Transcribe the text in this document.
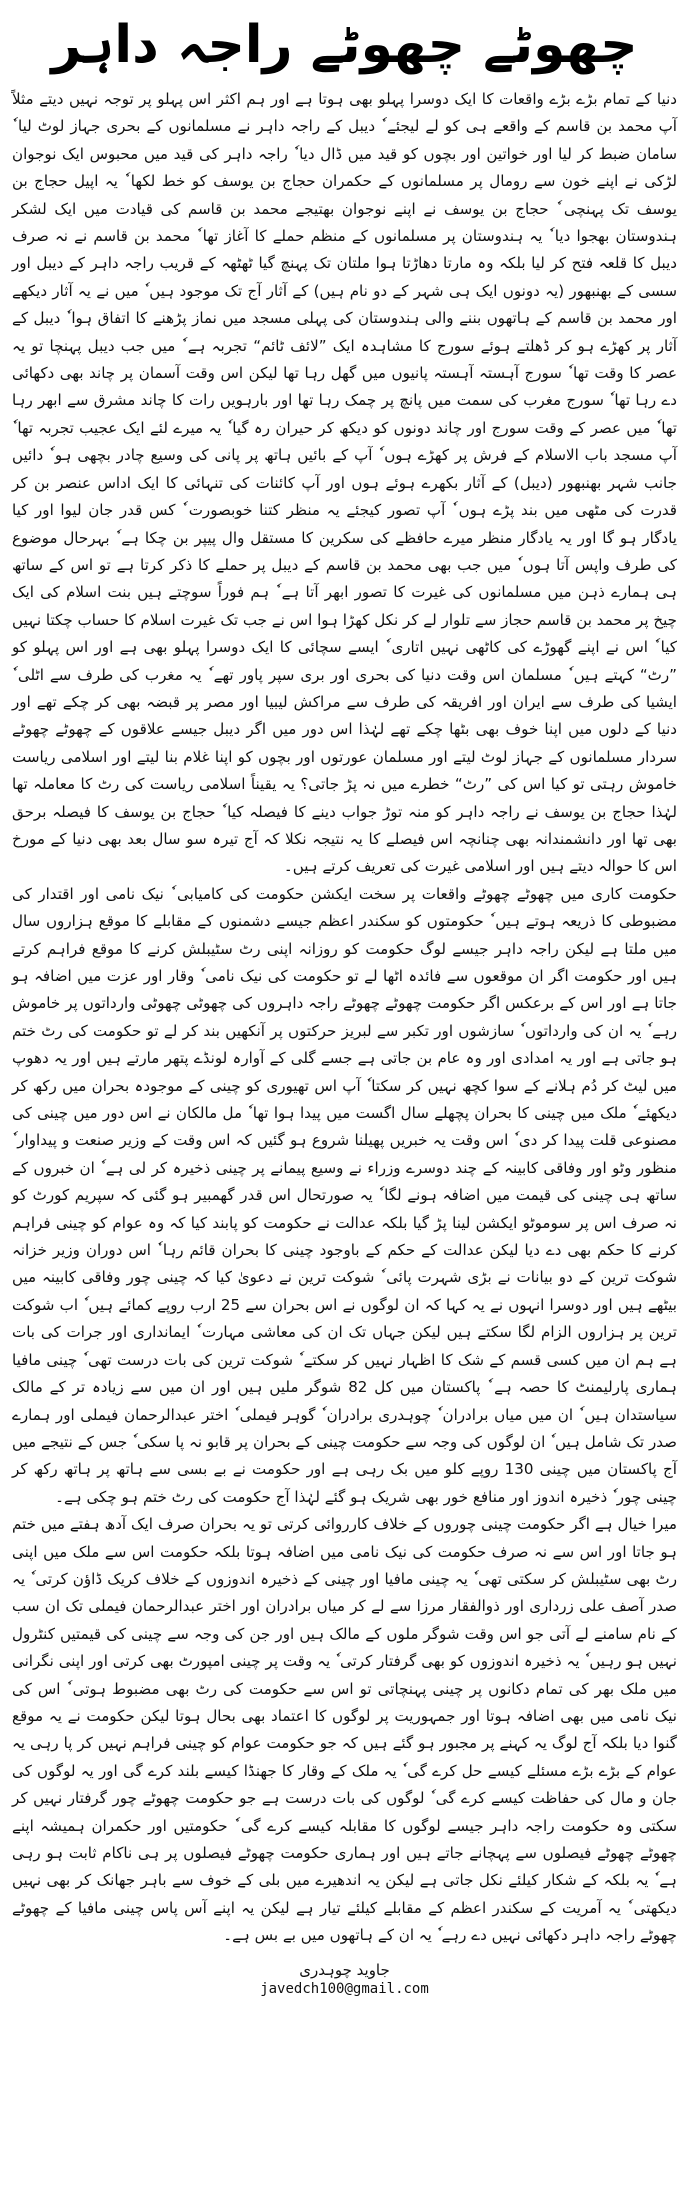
چھوٹے چھوٹے راجہ داہر

دنیا کے تمام بڑے بڑے واقعات کا ایک دوسرا پہلو بھی ہوتا ہے اور ہم اکثر اس پہلو پر توجہ نہیں دیتے مثلاً آپ محمد بن قاسم کے واقعے ہی کو لے لیجئے ٗ دیبل کے راجہ داہر نے مسلمانوں کے بحری جہاز لوٹ لیا ٗ سامان ضبط کر لیا اور خواتین اور بچوں کو قید میں ڈال دیا ٗ راجہ داہر کی قید میں محبوس ایک نوجوان لڑکی نے اپنے خون سے رومال پر مسلمانوں کے حکمران حجاج بن یوسف کو خط لکھا ٗ یہ اپیل حجاج بن یوسف تک پہنچی ٗ حجاج بن یوسف نے اپنے نوجوان بھتیجے محمد بن قاسم کی قیادت میں ایک لشکر ہندوستان بھجوا دیا ٗ یہ ہندوستان پر مسلمانوں کے منظم حملے کا آغاز تھا ٗ محمد بن قاسم نے نہ صرف دیبل کا قلعہ فتح کر لیا بلکہ وہ مارتا دھاڑتا ہوا ملتان تک پہنچ گیا ٹھٹھہ کے قریب راجہ داہر کے دیبل اور سسی کے بھنبھور (یہ دونوں ایک ہی شہر کے دو نام ہیں) کے آثار آج تک موجود ہیں ٗ میں نے یہ آثار دیکھے اور محمد بن قاسم کے ہاتھوں بننے والی ہندوستان کی پہلی مسجد میں نماز پڑھنے کا اتفاق ہوا ٗ دیبل کے آثار پر کھڑے ہو کر ڈھلتے ہوئے سورج کا مشاہدہ ایک ”لائف ٹائم“ تجربہ ہے ٗ میں جب دیبل پہنچا تو یہ عصر کا وقت تھا ٗ سورج آہستہ آہستہ پانیوں میں گھل رہا تھا لیکن اس وقت آسمان پر چاند بھی دکھائی دے رہا تھا ٗ سورج مغرب کی سمت میں پانچ پر چمک رہا تھا اور بارہویں رات کا چاند مشرق سے ابھر رہا تھا ٗ میں عصر کے وقت سورج اور چاند دونوں کو دیکھ کر حیران رہ گیا ٗ یہ میرے لئے ایک عجیب تجربہ تھا ٗ آپ مسجد باب الاسلام کے فرش پر کھڑے ہوں ٗ آپ کے بائیں ہاتھ پر پانی کی وسیع چادر بچھی ہو ٗ دائیں جانب شہر بھنبھور (دیبل) کے آثار بکھرے ہوئے ہوں اور آپ کائنات کی تنہائی کا ایک اداس عنصر بن کر قدرت کی مٹھی میں بند پڑے ہوں ٗ آپ تصور کیجئے یہ منظر کتنا خوبصورت ٗ کس قدر جان لیوا اور کیا یادگار ہو گا اور یہ یادگار منظر میرے حافظے کی سکرین کا مستقل وال پیپر بن چکا ہے ٗ بہرحال موضوع کی طرف واپس آتا ہوں ٗ میں جب بھی محمد بن قاسم کے دیبل پر حملے کا ذکر کرتا ہے تو اس کے ساتھ ہی ہمارے ذہن میں مسلمانوں کی غیرت کا تصور ابھر آتا ہے ٗ ہم فوراً سوچتے ہیں بنت اسلام کی ایک چیخ پر محمد بن قاسم حجاز سے تلوار لے کر نکل کھڑا ہوا اس نے جب تک غیرت اسلام کا حساب چکتا نہیں کیا ٗ اس نے اپنے گھوڑے کی کاٹھی نہیں اتاری ٗ ایسے سچائی کا ایک دوسرا پہلو بھی ہے اور اس پہلو کو ”رٹ“ کہتے ہیں ٗ مسلمان اس وقت دنیا کی بحری اور بری سپر پاور تھے ٗ یہ مغرب کی طرف سے اٹلی ٗ ایشیا کی طرف سے ایران اور افریقہ کی طرف سے مراکش لیبیا اور مصر پر قبضہ بھی کر چکے تھے اور دنیا کے دلوں میں اپنا خوف بھی بٹھا چکے تھے لہٰذا اس دور میں اگر دیبل جیسے علاقوں کے چھوٹے چھوٹے سردار مسلمانوں کے جہاز لوٹ لیتے اور مسلمان عورتوں اور بچوں کو اپنا غلام بنا لیتے اور اسلامی ریاست خاموش رہتی تو کیا اس کی ”رٹ“ خطرے میں نہ پڑ جاتی؟ یہ یقیناً اسلامی ریاست کی رٹ کا معاملہ تھا لہٰذا حجاج بن یوسف نے راجہ داہر کو منہ توڑ جواب دینے کا فیصلہ کیا ٗ حجاج بن یوسف کا فیصلہ برحق بھی تھا اور دانشمندانہ بھی چنانچہ اس فیصلے کا یہ نتیجہ نکلا کہ آج تیرہ سو سال بعد بھی دنیا کے مورخ اس کا حوالہ دیتے ہیں اور اسلامی غیرت کی تعریف کرتے ہیں۔

حکومت کاری میں چھوٹے چھوٹے واقعات پر سخت ایکشن حکومت کی کامیابی ٗ نیک نامی اور اقتدار کی مضبوطی کا ذریعہ ہوتے ہیں ٗ حکومتوں کو سکندر اعظم جیسے دشمنوں کے مقابلے کا موقع ہزاروں سال میں ملتا ہے لیکن راجہ داہر جیسے لوگ حکومت کو روزانہ اپنی رٹ سٹیبلش کرنے کا موقع فراہم کرتے ہیں اور حکومت اگر ان موقعوں سے فائدہ اٹھا لے تو حکومت کی نیک نامی ٗ وقار اور عزت میں اضافہ ہو جاتا ہے اور اس کے برعکس اگر حکومت چھوٹے چھوٹے راجہ داہروں کی چھوٹی چھوٹی وارداتوں پر خاموش رہے ٗ یہ ان کی وارداتوں ٗ سازشوں اور تکبر سے لبریز حرکتوں پر آنکھیں بند کر لے تو حکومت کی رٹ ختم ہو جاتی ہے اور یہ امدادی اور وہ عام بن جاتی ہے جسے گلی کے آوارہ لونڈے پتھر مارتے ہیں اور یہ دھوپ میں لیٹ کر دُم ہلانے کے سوا کچھ نہیں کر سکتا ٗ آپ اس تھیوری کو چینی کے موجودہ بحران میں رکھ کر دیکھئے ٗ ملک میں چینی کا بحران پچھلے سال اگست میں پیدا ہوا تھا ٗ مل مالکان نے اس دور میں چینی کی مصنوعی قلت پیدا کر دی ٗ اس وقت یہ خبریں پھیلنا شروع ہو گئیں کہ اس وقت کے وزیر صنعت و پیداوار ٗ منظور وٹو اور وفاقی کابینہ کے چند دوسرے وزراء نے وسیع پیمانے پر چینی ذخیرہ کر لی ہے ٗ ان خبروں کے ساتھ ہی چینی کی قیمت میں اضافہ ہونے لگا ٗ یہ صورتحال اس قدر گھمبیر ہو گئی کہ سپریم کورٹ کو نہ صرف اس پر سوموٹو ایکشن لینا پڑ گیا بلکہ عدالت نے حکومت کو پابند کیا کہ وہ عوام کو چینی فراہم کرنے کا حکم بھی دے دیا لیکن عدالت کے حکم کے باوجود چینی کا بحران قائم رہا ٗ اس دوران وزیر خزانہ شوکت ترین کے دو بیانات نے بڑی شہرت پائی ٗ شوکت ترین نے دعویٰ کیا کہ چینی چور وفاقی کابینہ میں بیٹھے ہیں اور دوسرا انہوں نے یہ کہا کہ ان لوگوں نے اس بحران سے 25 ارب روپے کمائے ہیں ٗ اب شوکت ترین پر ہزاروں الزام لگا سکتے ہیں لیکن جہاں تک ان کی معاشی مہارت ٗ ایمانداری اور جرات کی بات ہے ہم ان میں کسی قسم کے شک کا اظہار نہیں کر سکتے ٗ شوکت ترین کی بات درست تھی ٗ چینی مافیا ہماری پارلیمنٹ کا حصہ ہے ٗ پاکستان میں کل 82 شوگر ملیں ہیں اور ان میں سے زیادہ تر کے مالک سیاستدان ہیں ٗ ان میں میاں برادران ٗ چوہدری برادران ٗ گوہر فیملی ٗ اختر عبدالرحمان فیملی اور ہمارے صدر تک شامل ہیں ٗ ان لوگوں کی وجہ سے حکومت چینی کے بحران پر قابو نہ پا سکی ٗ جس کے نتیجے میں آج پاکستان میں چینی 130 روپے کلو میں بک رہی ہے اور حکومت نے بے بسی سے ہاتھ پر ہاتھ رکھ کر چینی چور ٗ ذخیرہ اندوز اور منافع خور بھی شریک ہو گئے لہٰذا آج حکومت کی رٹ ختم ہو چکی ہے۔

میرا خیال ہے اگر حکومت چینی چوروں کے خلاف کارروائی کرتی تو یہ بحران صرف ایک آدھ ہفتے میں ختم ہو جاتا اور اس سے نہ صرف حکومت کی نیک نامی میں اضافہ ہوتا بلکہ حکومت اس سے ملک میں اپنی رٹ بھی سٹیبلش کر سکتی تھی ٗ یہ چینی مافیا اور چینی کے ذخیرہ اندوزوں کے خلاف کریک ڈاؤن کرتی ٗ یہ صدر آصف علی زرداری اور ذوالفقار مرزا سے لے کر میاں برادران اور اختر عبدالرحمان فیملی تک ان سب کے نام سامنے لے آتی جو اس وقت شوگر ملوں کے مالک ہیں اور جن کی وجہ سے چینی کی قیمتیں کنٹرول نہیں ہو رہیں ٗ یہ ذخیرہ اندوزوں کو بھی گرفتار کرتی ٗ یہ وقت پر چینی امپورٹ بھی کرتی اور اپنی نگرانی میں ملک بھر کی تمام دکانوں پر چینی پہنچاتی تو اس سے حکومت کی رٹ بھی مضبوط ہوتی ٗ اس کی نیک نامی میں بھی اضافہ ہوتا اور جمہوریت پر لوگوں کا اعتماد بھی بحال ہوتا لیکن حکومت نے یہ موقع گنوا دیا بلکہ آج لوگ یہ کہنے پر مجبور ہو گئے ہیں کہ جو حکومت عوام کو چینی فراہم نہیں کر پا رہی یہ عوام کے بڑے بڑے مسئلے کیسے حل کرے گی ٗ یہ ملک کے وقار کا جھنڈا کیسے بلند کرے گی اور یہ لوگوں کی جان و مال کی حفاظت کیسے کرے گی ٗ لوگوں کی بات درست ہے جو حکومت چھوٹے چور گرفتار نہیں کر سکتی وہ حکومت راجہ داہر جیسے لوگوں کا مقابلہ کیسے کرے گی ٗ حکومتیں اور حکمران ہمیشہ اپنے چھوٹے چھوٹے فیصلوں سے پہچانے جاتے ہیں اور ہماری حکومت چھوٹے فیصلوں پر ہی ناکام ثابت ہو رہی ہے ٗ یہ بلکہ کے شکار کیلئے نکل جاتی ہے لیکن یہ اندھیرے میں بلی کے خوف سے باہر جھانک کر بھی نہیں دیکھتی ٗ یہ آمریت کے سکندر اعظم کے مقابلے کیلئے تیار ہے لیکن یہ اپنے آس پاس چینی مافیا کے چھوٹے چھوٹے راجہ داہر دکھائی نہیں دے رہے ٗ یہ ان کے ہاتھوں میں بے بس ہے۔

جاوید چوہدری
javedch100@gmail.com
